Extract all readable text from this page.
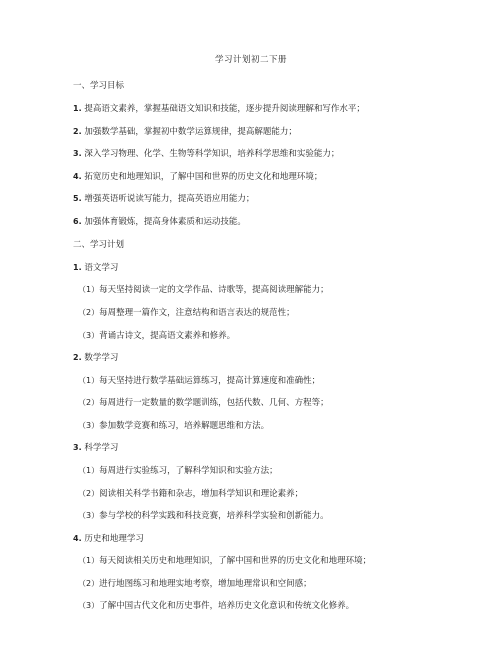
学习计划初二下册
一、学习目标
1. 提高语文素养，掌握基础语文知识和技能，逐步提升阅读理解和写作水平；
2. 加强数学基础，掌握初中数学运算规律，提高解题能力；
3. 深入学习物理、化学、生物等科学知识，培养科学思维和实验能力；
4. 拓宽历史和地理知识，了解中国和世界的历史文化和地理环境；
5. 增强英语听说读写能力，提高英语应用能力；
6. 加强体育锻炼，提高身体素质和运动技能。
二、学习计划
1. 语文学习
（1）每天坚持阅读一定的文学作品、诗歌等，提高阅读理解能力；
（2）每周整理一篇作文，注意结构和语言表达的规范性；
（3）背诵古诗文，提高语文素养和修养。
2. 数学学习
（1）每天坚持进行数学基础运算练习，提高计算速度和准确性；
（2）每周进行一定数量的数学题训练，包括代数、几何、方程等；
（3）参加数学竞赛和练习，培养解题思维和方法。
3. 科学学习
（1）每周进行实验练习，了解科学知识和实验方法；
（2）阅读相关科学书籍和杂志，增加科学知识和理论素养；
（3）参与学校的科学实践和科技竞赛，培养科学实验和创新能力。
4. 历史和地理学习
（1）每天阅读相关历史和地理知识，了解中国和世界的历史文化和地理环境；
（2）进行地图练习和地理实地考察，增加地理常识和空间感；
（3）了解中国古代文化和历史事件，培养历史文化意识和传统文化修养。
